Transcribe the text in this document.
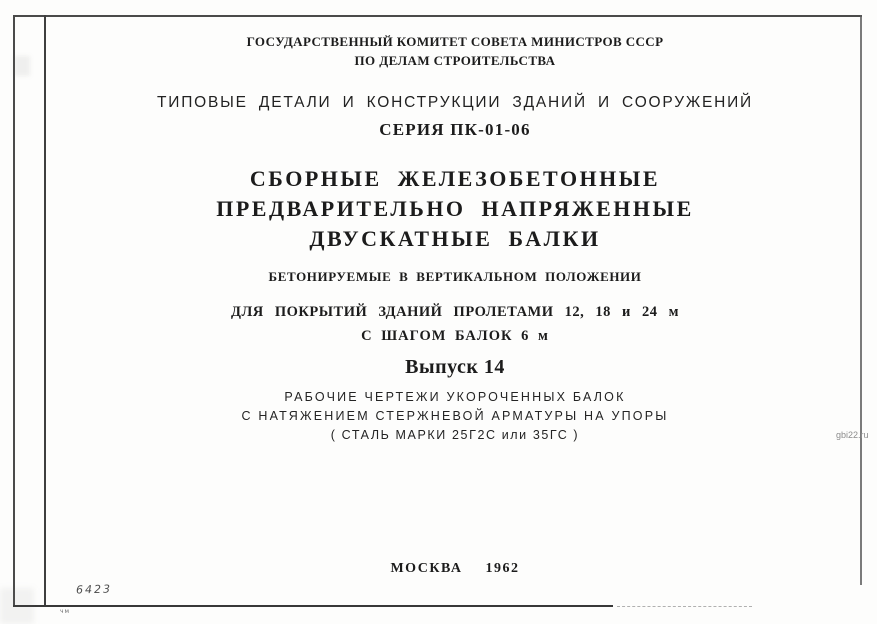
ГОСУДАРСТВЕННЫЙ КОМИТЕТ СОВЕТА МИНИСТРОВ СССР
ПО ДЕЛАМ СТРОИТЕЛЬСТВА
ТИПОВЫЕ ДЕТАЛИ И КОНСТРУКЦИИ ЗДАНИЙ И СООРУЖЕНИЙ
СЕРИЯ ПК-01-06
СБОРНЫЕ ЖЕЛЕЗОБЕТОННЫЕ
ПРЕДВАРИТЕЛЬНО НАПРЯЖЕННЫЕ
ДВУСКАТНЫЕ БАЛКИ
БЕТОНИРУЕМЫЕ В ВЕРТИКАЛЬНОМ ПОЛОЖЕНИИ
ДЛЯ ПОКРЫТИЙ ЗДАНИЙ ПРОЛЕТАМИ 12, 18 и 24 м
С ШАГОМ БАЛОК 6 м
Выпуск 14
РАБОЧИЕ ЧЕРТЕЖИ УКОРОЧЕННЫХ БАЛОК
С НАТЯЖЕНИЕМ СТЕРЖНЕВОЙ АРМАТУРЫ НА УПОРЫ
( СТАЛЬ МАРКИ 25Г2С или 35ГС )
МОСКВА 1962
gbi22.ru
6423
чм
